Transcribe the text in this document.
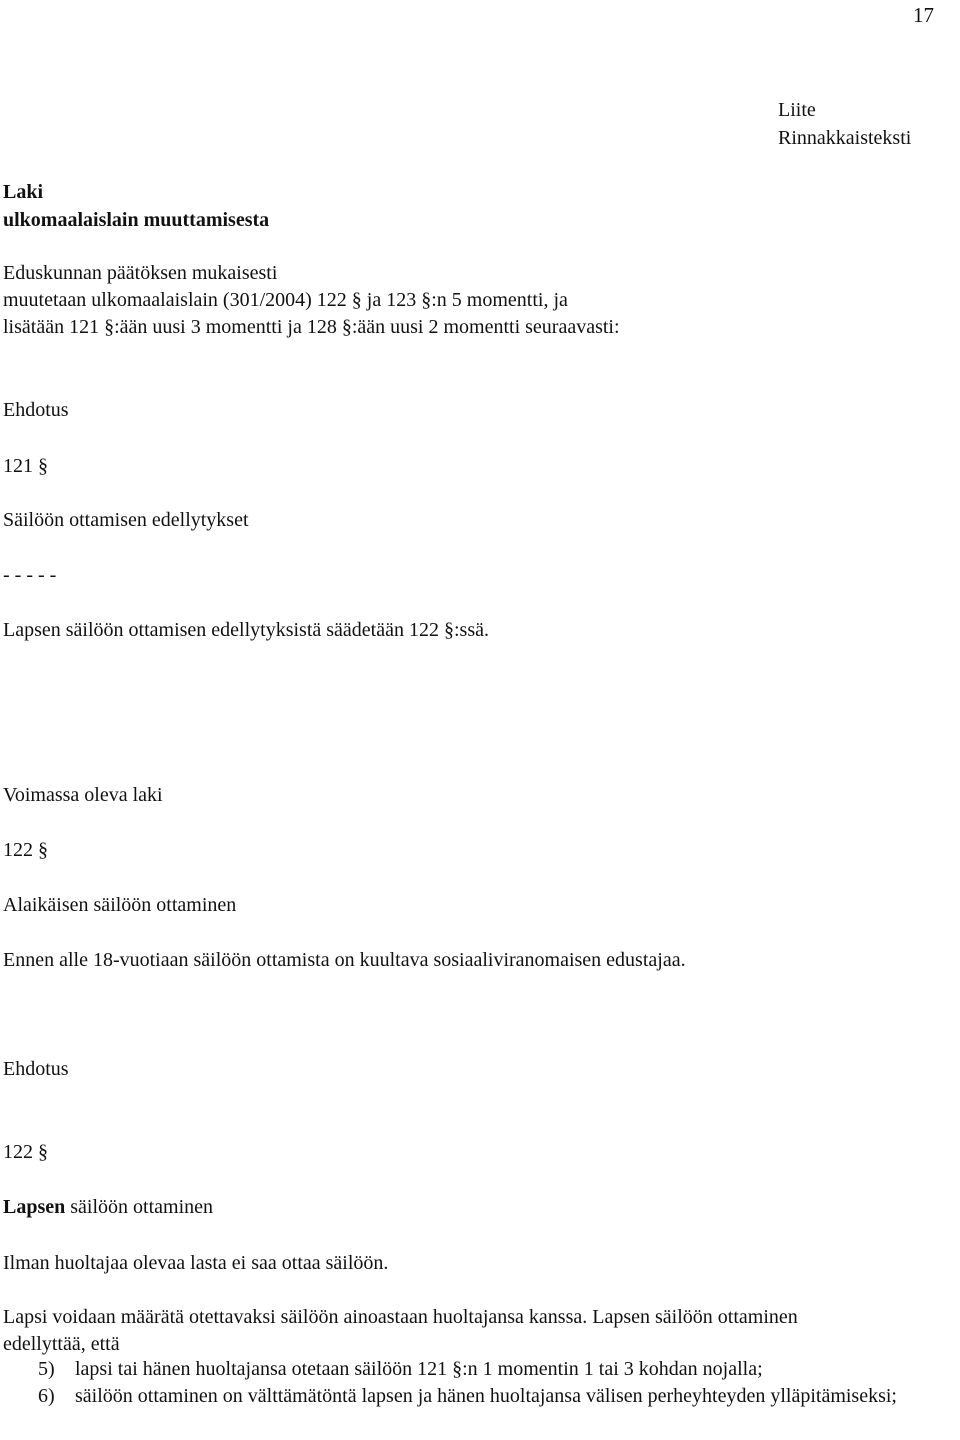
17
Liite
Rinnakkaisteksti
Laki
ulkomaalaislain muuttamisesta
Eduskunnan päätöksen mukaisesti
muutetaan ulkomaalaislain (301/2004) 122 § ja 123 §:n 5 momentti, ja
lisätään 121 §:ään uusi 3 momentti ja 128 §:ään uusi 2 momentti seuraavasti:
Ehdotus
121 §
Säilöön ottamisen edellytykset
- - - - -
Lapsen säilöön ottamisen edellytyksistä säädetään 122 §:ssä.
Voimassa oleva laki
122 §
Alaikäisen säilöön ottaminen
Ennen alle 18-vuotiaan säilöön ottamista on kuultava sosiaaliviranomaisen edustajaa.
Ehdotus
122 §
Lapsen säilöön ottaminen
Ilman huoltajaa olevaa lasta ei saa ottaa säilöön.
Lapsi voidaan määrätä otettavaksi säilöön ainoastaan huoltajansa kanssa. Lapsen säilöön ottaminen
edellyttää, että
5) lapsi tai hänen huoltajansa otetaan säilöön 121 §:n 1 momentin 1 tai 3 kohdan nojalla;
6) säilöön ottaminen on välttämätöntä lapsen ja hänen huoltajansa välisen perheyhteyden ylläpitämiseksi;
